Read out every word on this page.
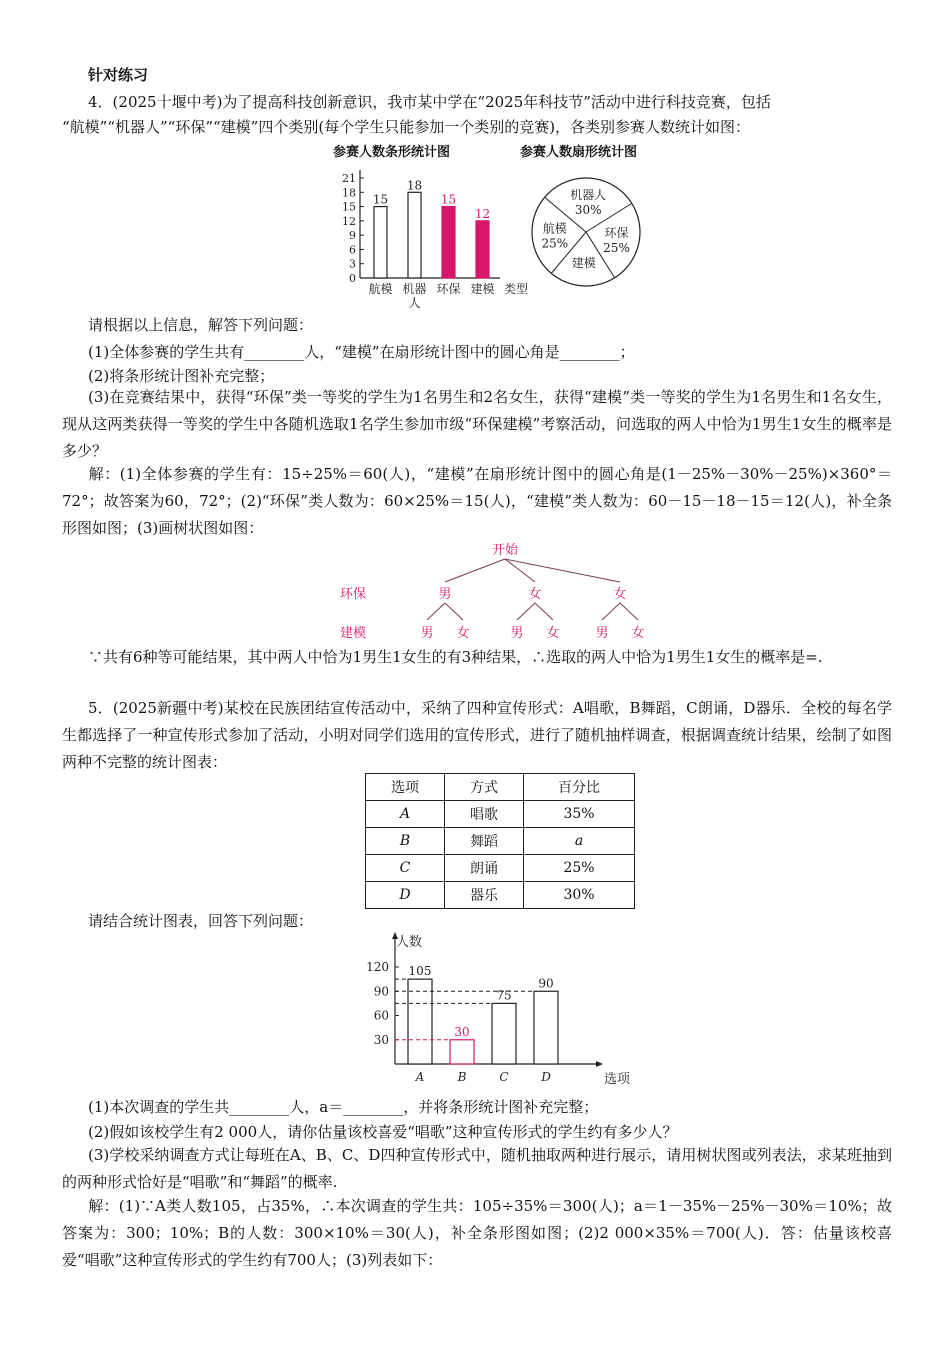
针对练习
4．(2025十堰中考)为了提高科技创新意识，我市某中学在“2025年科技节”活动中进行科技竞赛，包括
“航模”“机器人”“环保”“建模”四个类别(每个学生只能参加一个类别的竞赛)，各类别参赛人数统计如图：
参赛人数条形统计图	参赛人数扇形统计图
0
3
6
9
12
15
18
21
15
航模
18
机器
人
15
环保
12
建模 类型
环保
25%
建模
航模
25%
机器人
30%
请根据以上信息，解答下列问题：
(1)全体参赛的学生共有________人，“建模”在扇形统计图中的圆心角是________；
(2)将条形统计图补充完整；
(3)在竞赛结果中，获得“环保”类一等奖的学生为1名男生和2名女生，获得“建模”类一等奖的学生为1名男生和1名女生，现从这两类获得一等奖的学生中各随机选取1名学生参加市级“环保建模”考察活动，问选取的两人中恰为1男生1女生的概率是多少？
解：(1)全体参赛的学生有：15÷25%＝60(人)，“建模”在扇形统计图中的圆心角是(1－25%－30%－25%)×360°＝72°；故答案为60，72°；(2)“环保”类人数为：60×25%＝15(人)，“建模”类人数为：60－15－18－15＝12(人)，补全条形图如图；(3)画树状图如图：
开始
环保
建模
男
男 女
女
男 女
女
男 女
∵共有6种等可能结果，其中两人中恰为1男生1女生的有3种结果，∴选取的两人中恰为1男生1女生的概率是=.
5．(2025新疆中考)某校在民族团结宣传活动中，采纳了四种宣传形式：A唱歌，B舞蹈，C朗诵，D器乐．全校的每名学生都选择了一种宣传形式参加了活动，小明对同学们选用的宣传形式，进行了随机抽样调查，根据调查统计结果，绘制了如图两种不完整的统计图表：
选项	方式	百分比
A	唱歌	35%
B	舞蹈	a
C	朗诵	25%
D	器乐	30%
请结合统计图表，回答下列问题：
人数
选项
30
60
90
120 105
A
30
B
75
C
90
D
(1)本次调查的学生共________人，a＝________，并将条形统计图补充完整；
(2)假如该校学生有2 000人，请你估量该校喜爱“唱歌”这种宣传形式的学生约有多少人？
(3)学校采纳调查方式让每班在A、B、C、D四种宣传形式中，随机抽取两种进行展示，请用树状图或列表法，求某班抽到的两种形式恰好是“唱歌”和“舞蹈”的概率.
解：(1)∵A类人数105，占35%，∴本次调查的学生共：105÷35%＝300(人)；a＝1－35%－25%－30%＝10%；故答案为：300；10%；B的人数：300×10%＝30(人)，补全条形图如图；(2)2 000×35%＝700(人)．答：估量该校喜爱“唱歌”这种宣传形式的学生约有700人；(3)列表如下：
